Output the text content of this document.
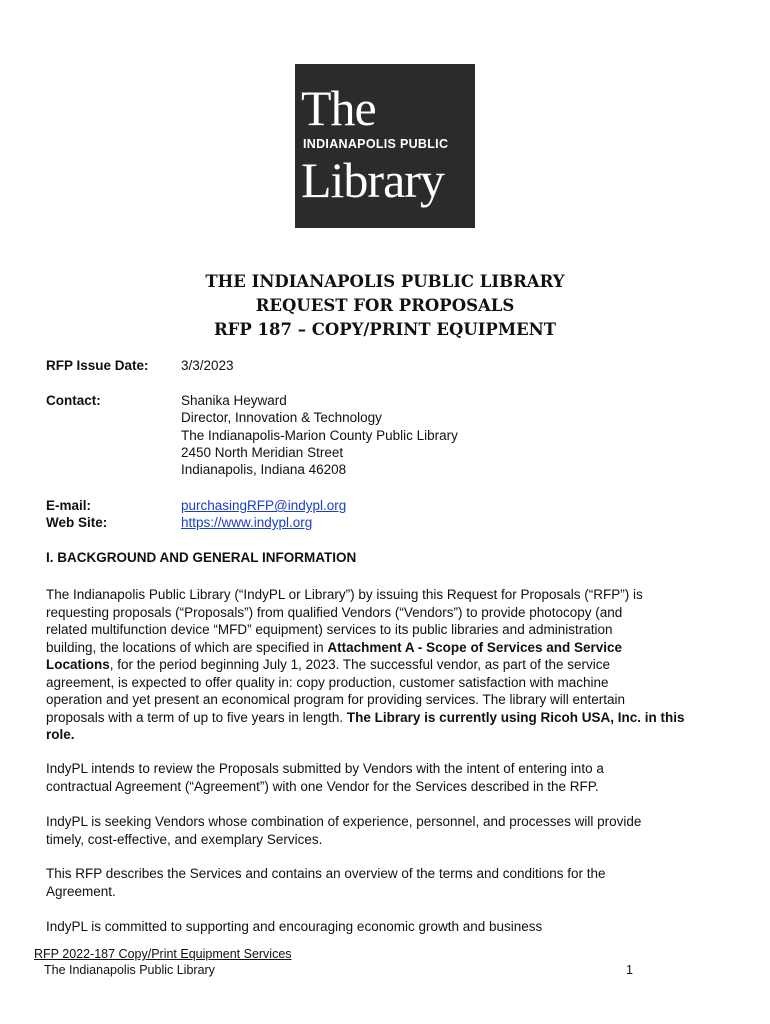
The
INDIANAPOLIS PUBLIC
Library
THE INDIANAPOLIS PUBLIC LIBRARY
REQUEST FOR PROPOSALS
RFP 187 – COPY/PRINT EQUIPMENT
RFP Issue Date: 3/3/2023
Contact:	Shanika Heyward
Director, Innovation & Technology
The Indianapolis-Marion County Public Library
2450 North Meridian Street
Indianapolis, Indiana 46208
E-mail:	purchasingRFP@indypl.org
Web Site:	https://www.indypl.org
I. BACKGROUND AND GENERAL INFORMATION
The Indianapolis Public Library (“IndyPL or Library”) by issuing this Request for Proposals (“RFP”) is
requesting proposals (“Proposals”) from qualified Vendors (“Vendors”) to provide photocopy (and
related multifunction device “MFD” equipment) services to its public libraries and administration
building, the locations of which are specified in Attachment A - Scope of Services and Service
Locations, for the period beginning July 1, 2023. The successful vendor, as part of the service
agreement, is expected to offer quality in: copy production, customer satisfaction with machine
operation and yet present an economical program for providing services. The library will entertain
proposals with a term of up to five years in length. The Library is currently using Ricoh USA, Inc. in this
role.
IndyPL intends to review the Proposals submitted by Vendors with the intent of entering into a
contractual Agreement (“Agreement”) with one Vendor for the Services described in the RFP.
IndyPL is seeking Vendors whose combination of experience, personnel, and processes will provide
timely, cost-effective, and exemplary Services.
This RFP describes the Services and contains an overview of the terms and conditions for the
Agreement.
IndyPL is committed to supporting and encouraging economic growth and business
RFP 2022-187 Copy/Print Equipment Services
The Indianapolis Public Library	1
